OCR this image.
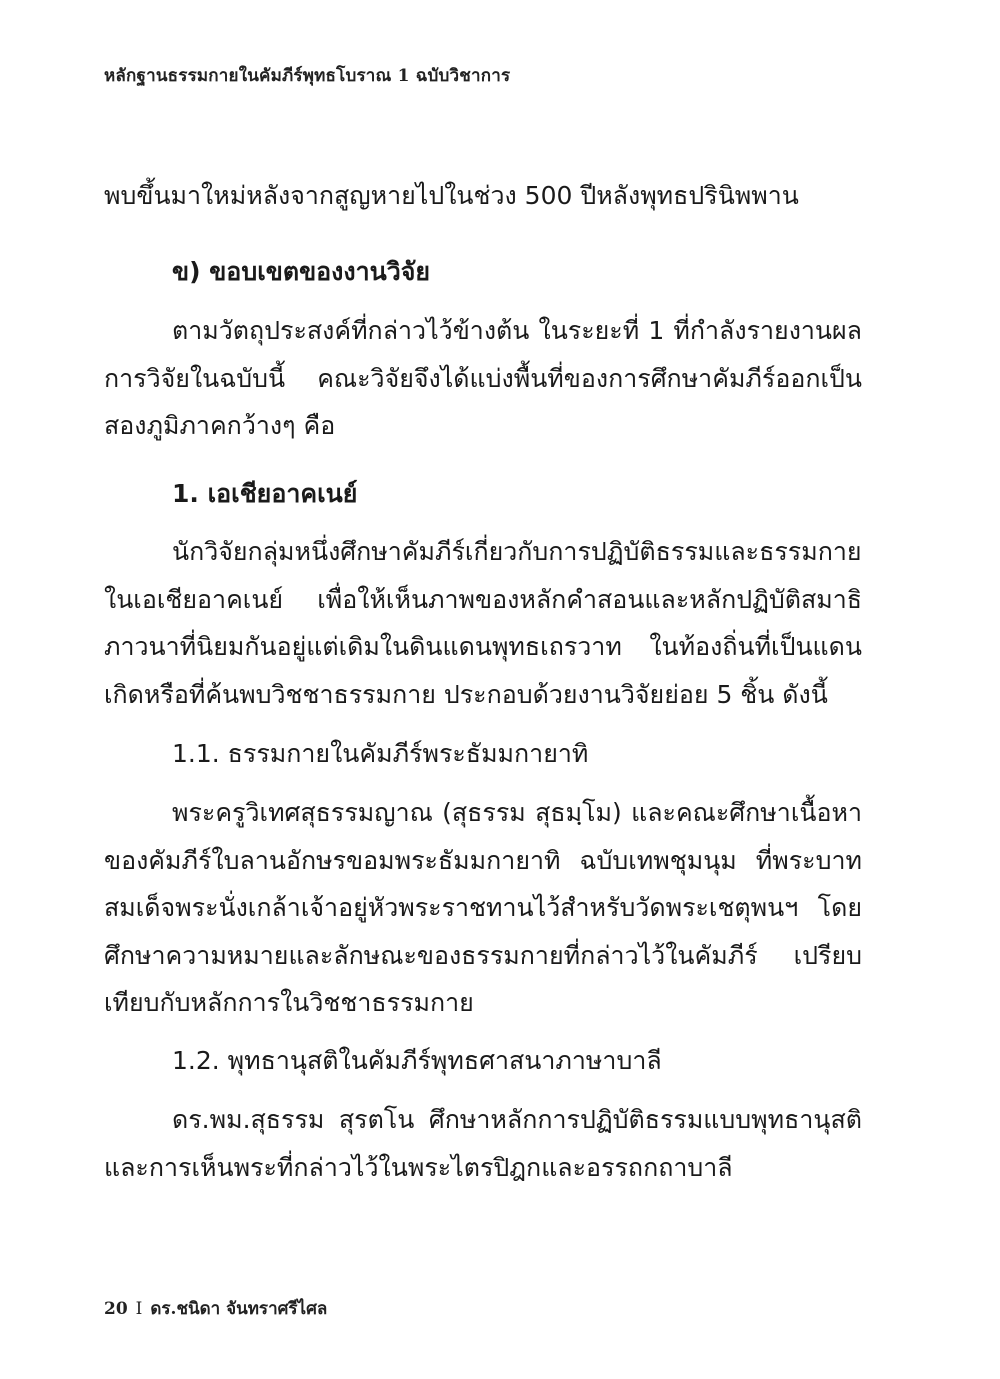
หลักฐานธรรมกายในคัมภีร์พุทธโบราณ 1 ฉบับวิชาการ
พบขึ้นมาใหม่หลังจากสูญหายไปในช่วง 500 ปีหลังพุทธปรินิพพาน
ข) ขอบเขตของงานวิจัย
ตามวัตถุประสงค์ที่กล่าวไว้ข้างต้น ในระยะที่ 1 ที่กำลังรายงานผลการวิจัยในฉบับนี้ คณะวิจัยจึงได้แบ่งพื้นที่ของการศึกษาคัมภีร์ออกเป็นสองภูมิภาคกว้างๆ คือ
1. เอเชียอาคเนย์
นักวิจัยกลุ่มหนึ่งศึกษาคัมภีร์เกี่ยวกับการปฏิบัติธรรมและธรรมกายในเอเชียอาคเนย์ เพื่อให้เห็นภาพของหลักคำสอนและหลักปฏิบัติสมาธิภาวนาที่นิยมกันอยู่แต่เดิมในดินแดนพุทธเถรวาท ในท้องถิ่นที่เป็นแดนเกิดหรือที่ค้นพบวิชชาธรรมกาย ประกอบด้วยงานวิจัยย่อย 5 ชิ้น ดังนี้
1.1. ธรรมกายในคัมภีร์พระธัมมกายาทิ
พระครูวิเทศสุธรรมญาณ (สุธรรม สุธมฺโม) และคณะศึกษาเนื้อหาของคัมภีร์ใบลานอักษรขอมพระธัมมกายาทิ ฉบับเทพชุมนุม ที่พระบาทสมเด็จพระนั่งเกล้าเจ้าอยู่หัวพระราชทานไว้สำหรับวัดพระเชตุพนฯ โดยศึกษาความหมายและลักษณะของธรรมกายที่กล่าวไว้ในคัมภีร์ เปรียบเทียบกับหลักการในวิชชาธรรมกาย
1.2. พุทธานุสติในคัมภีร์พุทธศาสนาภาษาบาลี
ดร.พม.สุธรรม สุรตโน ศึกษาหลักการปฏิบัติธรรมแบบพุทธานุสติและการเห็นพระที่กล่าวไว้ในพระไตรปิฎกและอรรถกถาบาลี
20 I ดร.ชนิดา จันทราศรีไศล
